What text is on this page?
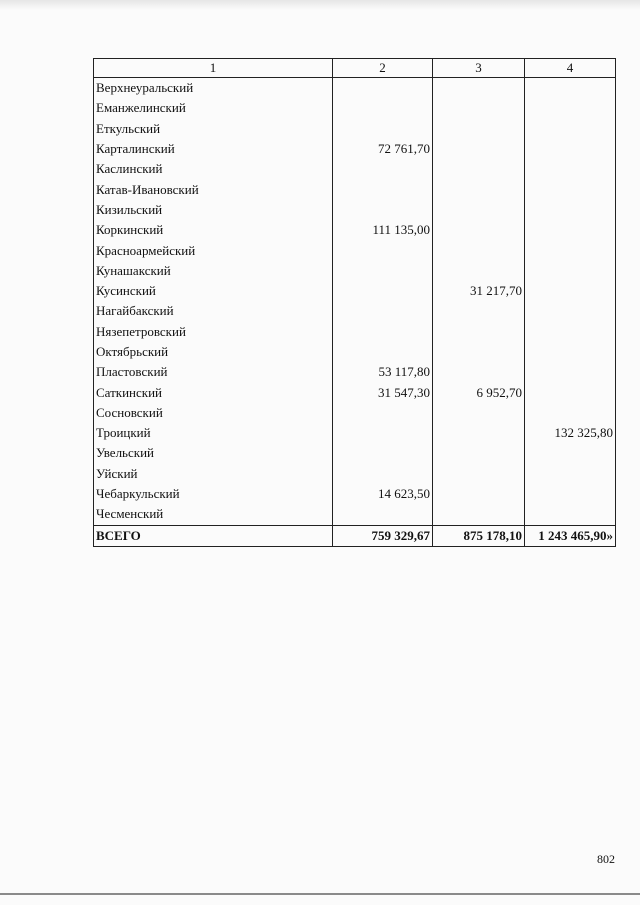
1	2	3	4
Верхнеуральский			
Еманжелинский			
Еткульский			
Карталинский	72 761,70		
Каслинский			
Катав-Ивановский			
Кизильский			
Коркинский	111 135,00		
Красноармейский			
Кунашакский			
Кусинский		31 217,70	
Нагайбакский			
Нязепетровский			
Октябрьский			
Пластовский	53 117,80		
Саткинский	31 547,30	6 952,70	
Сосновский			
Троицкий			132 325,80
Увельский			
Уйский			
Чебаркульский	14 623,50		
Чесменский			
ВСЕГО	759 329,67	875 178,10	1 243 465,90»
802
